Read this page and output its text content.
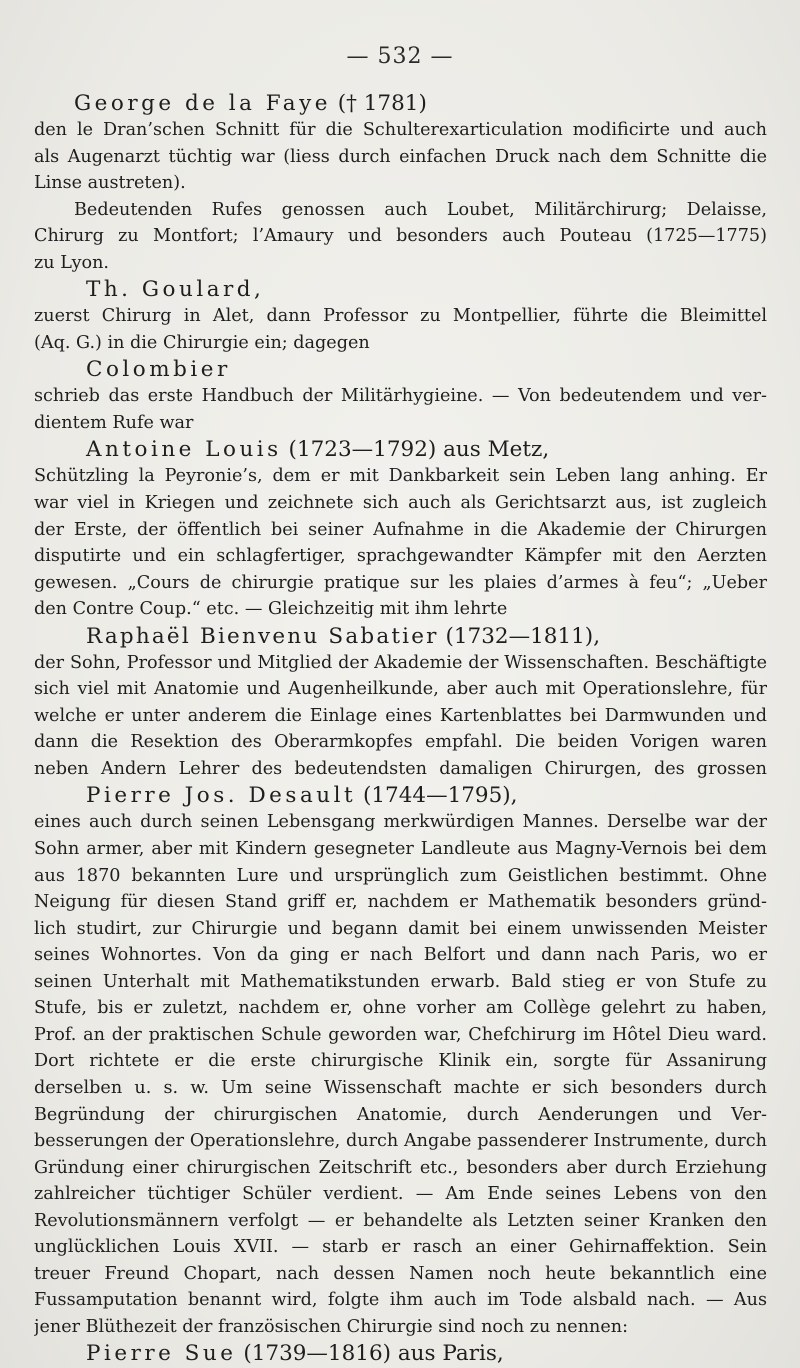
— 532 —
George de la Faye († 1781)
den le Dran’schen Schnitt für die Schulterexarticulation modificirte und auch
als Augenarzt tüchtig war (liess durch einfachen Druck nach dem Schnitte die
Linse austreten).
Bedeutenden Rufes genossen auch Loubet, Militärchirurg; Delaisse,
Chirurg zu Montfort; l’Amaury und besonders auch Pouteau (1725—1775)
zu Lyon.
Th. Goulard,
zuerst Chirurg in Alet, dann Professor zu Montpellier, führte die Bleimittel
(Aq. G.) in die Chirurgie ein; dagegen
Colombier
schrieb das erste Handbuch der Militärhygieine. — Von bedeutendem und ver-
dientem Rufe war
Antoine Louis (1723—1792) aus Metz,
Schützling la Peyronie’s, dem er mit Dankbarkeit sein Leben lang anhing. Er
war viel in Kriegen und zeichnete sich auch als Gerichtsarzt aus, ist zugleich
der Erste, der öffentlich bei seiner Aufnahme in die Akademie der Chirurgen
disputirte und ein schlagfertiger, sprachgewandter Kämpfer mit den Aerzten
gewesen. „Cours de chirurgie pratique sur les plaies d’armes à feu“; „Ueber
den Contre Coup.“ etc. — Gleichzeitig mit ihm lehrte
Raphaël Bienvenu Sabatier (1732—1811),
der Sohn, Professor und Mitglied der Akademie der Wissenschaften. Beschäftigte
sich viel mit Anatomie und Augenheilkunde, aber auch mit Operationslehre, für
welche er unter anderem die Einlage eines Kartenblattes bei Darmwunden und
dann die Resektion des Oberarmkopfes empfahl. Die beiden Vorigen waren
neben Andern Lehrer des bedeutendsten damaligen Chirurgen, des grossen
Pierre Jos. Desault (1744—1795),
eines auch durch seinen Lebensgang merkwürdigen Mannes. Derselbe war der
Sohn armer, aber mit Kindern gesegneter Landleute aus Magny-Vernois bei dem
aus 1870 bekannten Lure und ursprünglich zum Geistlichen bestimmt. Ohne
Neigung für diesen Stand griff er, nachdem er Mathematik besonders gründ-
lich studirt, zur Chirurgie und begann damit bei einem unwissenden Meister
seines Wohnortes. Von da ging er nach Belfort und dann nach Paris, wo er
seinen Unterhalt mit Mathematikstunden erwarb. Bald stieg er von Stufe zu
Stufe, bis er zuletzt, nachdem er, ohne vorher am Collège gelehrt zu haben,
Prof. an der praktischen Schule geworden war, Chefchirurg im Hôtel Dieu ward.
Dort richtete er die erste chirurgische Klinik ein, sorgte für Assanirung
derselben u. s. w. Um seine Wissenschaft machte er sich besonders durch
Begründung der chirurgischen Anatomie, durch Aenderungen und Ver-
besserungen der Operationslehre, durch Angabe passenderer Instrumente, durch
Gründung einer chirurgischen Zeitschrift etc., besonders aber durch Erziehung
zahlreicher tüchtiger Schüler verdient. — Am Ende seines Lebens von den
Revolutionsmännern verfolgt — er behandelte als Letzten seiner Kranken den
unglücklichen Louis XVII. — starb er rasch an einer Gehirnaffektion. Sein
treuer Freund Chopart, nach dessen Namen noch heute bekanntlich eine
Fussamputation benannt wird, folgte ihm auch im Tode alsbald nach. — Aus
jener Blüthezeit der französischen Chirurgie sind noch zu nennen:
Pierre Sue (1739—1816) aus Paris,
